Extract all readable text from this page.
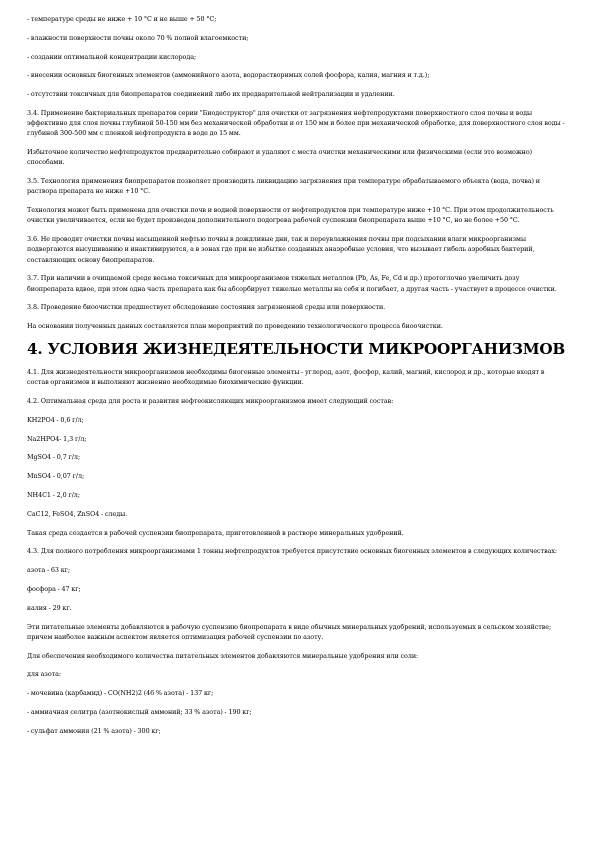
- температуре среды не ниже + 10 °С и не выше + 50 °С;

- влажности поверхности почвы около 70 % полной влагоемкости;

- создании оптимальной концентрации кислорода;

- внесении основных биогенных элементов (аммонийного азота, водорастворимых солей фосфора, калия, магния и т.д.);

- отсутствии токсичных для биопрепаратов соединений либо их предварительной нейтрализации и удалении.

3.4. Применение бактериальных препаратов серии "Биодеструктор" для очистки от загрязнения нефтепродуктами поверхностного слоя почвы и воды эффективно для слоя почвы глубиной 50-150 мм без механической обработки и от 150 мм и более при механической обработке, для поверхностного слоя воды - глубиной 300-500 мм с пленкой нефтепродукта в воде до 15 мм.

Избыточное количество нефтепродуктов предварительно собирают и удаляют с места очистки механическими или физическими (если это возможно) способами.

3.5. Технология применения биопрепаратов позволяет производить ликвидацию загрязнения при температуре обрабатываемого объекта (вода, почва) и раствора препарата не ниже +10 °С.

Технология может быть применена для очистки почв и водной поверхности от нефтепродуктов при температуре ниже +10 °С. При этом продолжительность очистки увеличивается, если не будет произведен дополнительного подогрева рабочей суспензии биопрепарата выше +10 °С, но не более +50 °С.

3.6. Не проводят очистки почвы насыщенной нефтью почвы в дождливые дни, так и переувлажнения почвы при подсыхании влаги микроорганизмы подвергаются высушиванию и инактивируются, а в зонах где при не избытке созданных анаэробные условия, что вызывает гибель аэробных бактерий, составляющих основу биопрепаратов.

3.7. При наличии в очищаемой среде весьма токсичных для микроорганизмов тяжелых металлов (Pb, As, Fe, Cd и др.) протоглочно увеличить дозу биопрепарата вдвое, при этом одна часть препарата как бы абсорбирует тяжелые металлы на себя и погибает, а другая часть - участвует в процессе очистки.

3.8. Проведение биоочистки предшествует обследование состояния загрязненной среды или поверхности.

На основании полученных данных составляется план мероприятий по проведению технологического процесса биоочистки.

4. УСЛОВИЯ ЖИЗНЕДЕЯТЕЛЬНОСТИ МИКРООРГАНИЗМОВ

4.1. Для жизнедеятельности микроорганизмов необходимы биогенные элементы - углерод, азот, фосфор, калий, магний, кислород и др., которые входят в состав организмов и выполняют жизненно необходимые биохимические функции.

4.2. Оптимальная среда для роста и развития нефтеокисляющих микроорганизмов имеет следующий состав:

KH2PO4 - 0,6 г/л;

Na2HPO4- 1,3 г/л;

MgSO4 - 0,7 г/л;

MnSO4 - 0,07 г/л;

NH4C1 - 2,0 г/л;

CaC12, FeSO4, ZnSO4 - следы.

Такая среда создается в рабочей суспензии биопрепарата, приготовленной в растворе минеральных удобрений.

4.3. Для полного потребления микроорганизмами 1 тонны нефтепродуктов требуется присутствие основных биогенных элементов в следующих количествах:

азота - 63 кг;

фосфора - 47 кг;

калия - 29 кг.

Эти питательные элементы добавляются в рабочую суспензию биопрепарата в виде обычных минеральных удобрений, используемых в сельском хозяйстве; причем наиболее важным аспектом является оптимизация рабочей суспензии по азоту.

Для обеспечения необходимого количества питательных элементов добавляются минеральные удобрения или соли:

для азота:

- мочевина (карбамид) - CO(NH2)2 (46 % азота) - 137 кг;

- аммиачная селитра (азотнокислый аммоний; 33 % азота) - 190 кг;

- сульфат аммония (21 % азота) - 300 кг;
